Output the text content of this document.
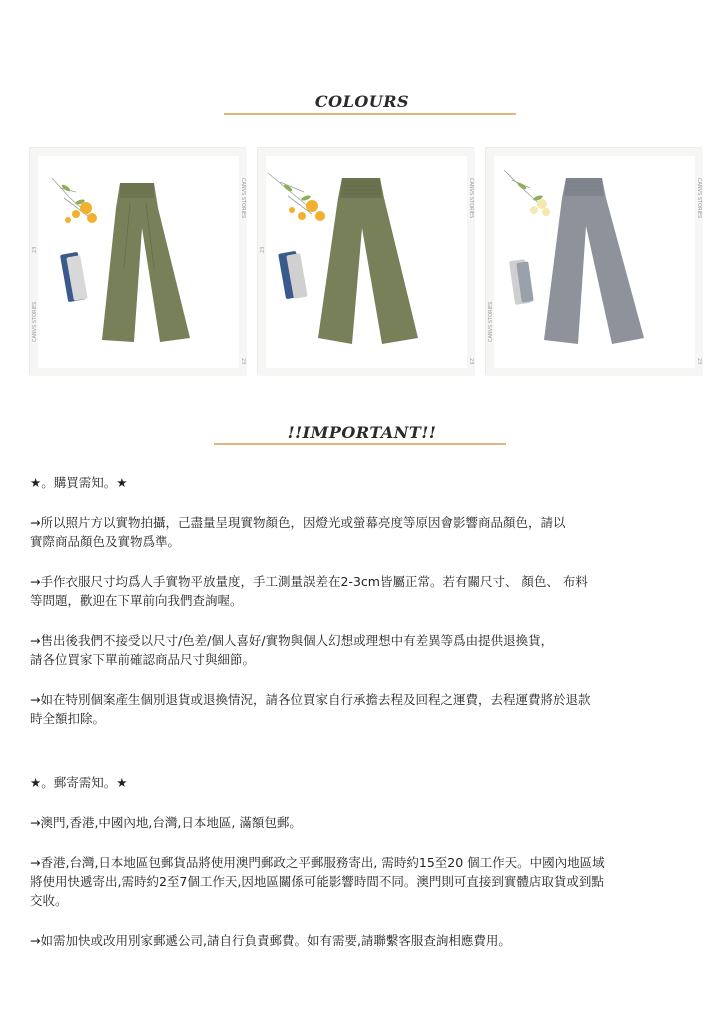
COLOURS
CANVS STORIES
23
CANVS STORIES
23
CANVS STORIES
23
23
CANVS STORIES
CANVS STORIES
23
!!IMPORTANT!!

★。購買需知。★

→所以照片方以實物拍攝，己盡量呈現實物顏色，因燈光或螢幕亮度等原因會影響商品顏色，請以
實際商品顏色及實物爲準。

→手作衣服尺寸均爲人手實物平放量度，手工測量誤差在2-3cm皆屬正常。若有關尺寸、 顏色、 布料
等問題，歡迎在下單前向我們查詢喔。

→售出後我們不接受以尺寸/色差/個人喜好/實物與個人幻想或理想中有差異等爲由提供退換貨，
請各位買家下單前確認商品尺寸與細節。

→如在特別個案產生個別退貨或退換情況，請各位買家自行承擔去程及回程之運費，去程運費將於退款
時全額扣除。

★。郵寄需知。★

→澳門,香港,中國內地,台灣,日本地區, 滿額包郵。

→香港,台灣,日本地區包郵貨品將使用澳門郵政之平郵服務寄出, 需時約15至20 個工作天。中國內地區域
將使用快遞寄出,需時約2至7個工作天,因地區關係可能影響時間不同。澳門則可直接到實體店取貨或到點
交收。

→如需加快或改用別家郵遞公司,請自行負責郵費。如有需要,請聯繫客服查詢相應費用。
